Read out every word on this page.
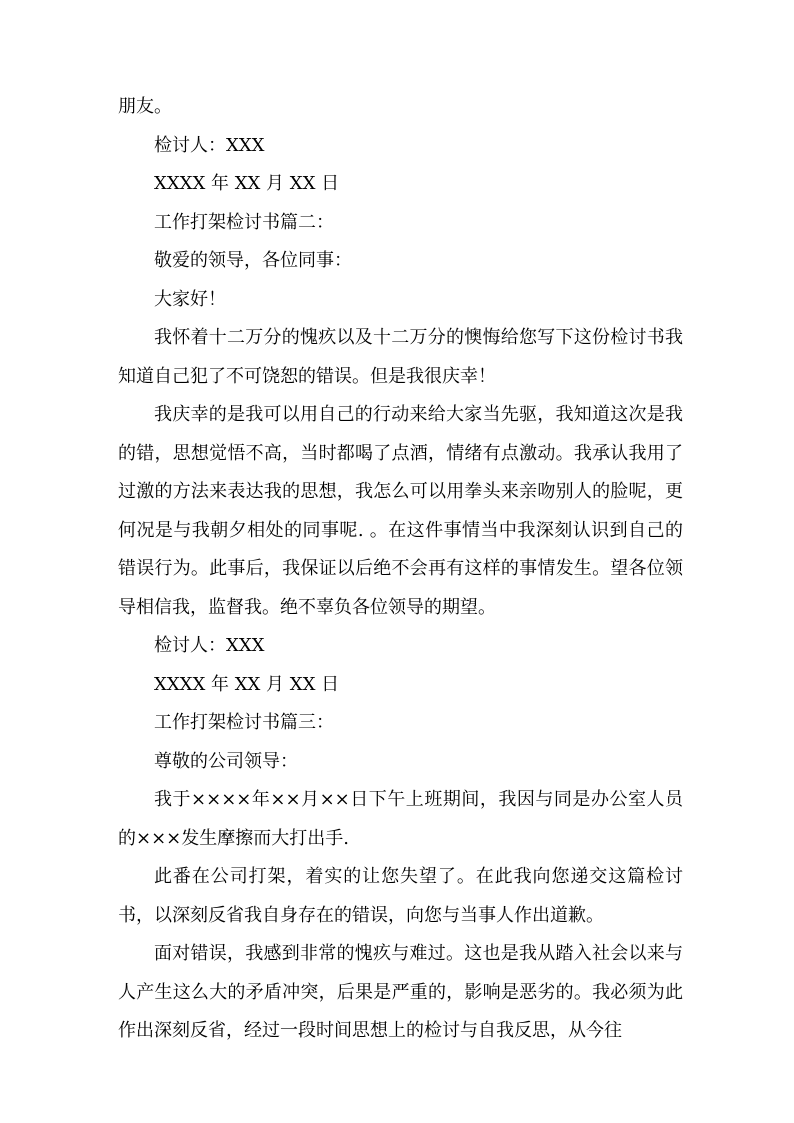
朋友。

检讨人：XXX

XXXX 年 XX 月 XX 日

工作打架检讨书篇二：

敬爱的领导，各位同事：

大家好！

我怀着十二万分的愧疚以及十二万分的懊悔给您写下这份检讨书我知道自己犯了不可饶恕的错误。但是我很庆幸！

我庆幸的是我可以用自己的行动来给大家当先驱，我知道这次是我的错，思想觉悟不高，当时都喝了点酒，情绪有点激动。我承认我用了过激的方法来表达我的思想，我怎么可以用拳头来亲吻别人的脸呢，更何况是与我朝夕相处的同事呢. 。在这件事情当中我深刻认识到自己的错误行为。此事后，我保证以后绝不会再有这样的事情发生。望各位领导相信我，监督我。绝不辜负各位领导的期望。

检讨人：XXX

XXXX 年 XX 月 XX 日

工作打架检讨书篇三：

尊敬的公司领导：

我于××××年××月××日下午上班期间，我因与同是办公室人员的×××发生摩擦而大打出手.

此番在公司打架，着实的让您失望了。在此我向您递交这篇检讨书，以深刻反省我自身存在的错误，向您与当事人作出道歉。

面对错误，我感到非常的愧疚与难过。这也是我从踏入社会以来与人产生这么大的矛盾冲突，后果是严重的，影响是恶劣的。我必须为此作出深刻反省，经过一段时间思想上的检讨与自我反思，从今往
